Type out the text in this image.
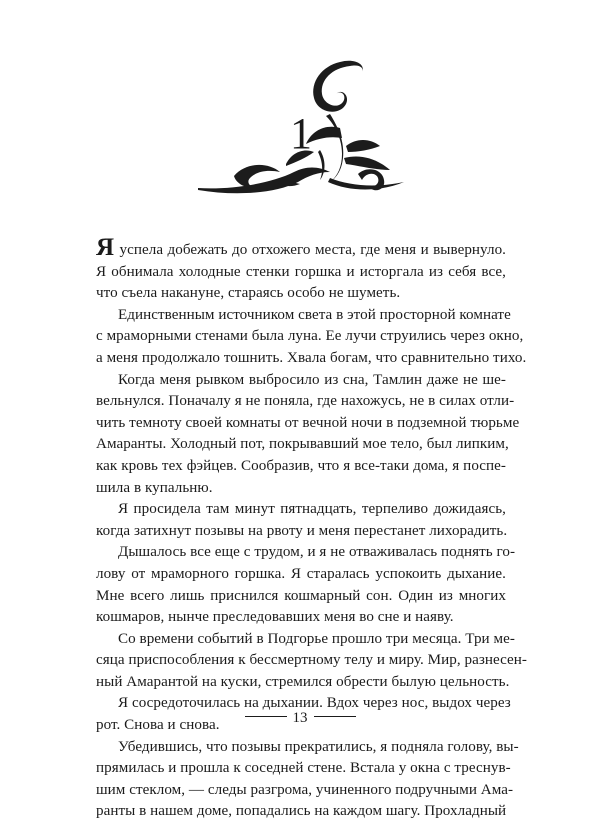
1
Я успела добежать до отхожего места, где меня и вывернуло.
Я обнимала холодные стенки горшка и исторгала из себя все,
что съела накануне, стараясь особо не шуметь.
Единственным источником света в этой просторной комнате
с мраморными стенами была луна. Ее лучи струились через окно,
а меня продолжало тошнить. Хвала богам, что сравнительно тихо.
Когда меня рывком выбросило из сна, Тамлин даже не ше-
вельнулся. Поначалу я не поняла, где нахожусь, не в силах отли-
чить темноту своей комнаты от вечной ночи в подземной тюрьме
Амаранты. Холодный пот, покрывавший мое тело, был липким,
как кровь тех фэйцев. Сообразив, что я все-таки дома, я поспе-
шила в купальню.
Я просидела там минут пятнадцать, терпеливо дожидаясь,
когда затихнут позывы на рвоту и меня перестанет лихорадить.
Дышалось все еще с трудом, и я не отваживалась поднять го-
лову от мраморного горшка. Я старалась успокоить дыхание.
Мне всего лишь приснился кошмарный сон. Один из многих
кошмаров, нынче преследовавших меня во сне и наяву.
Со времени событий в Подгорье прошло три месяца. Три ме-
сяца приспособления к бессмертному телу и миру. Мир, разнесен-
ный Амарантой на куски, стремился обрести былую цельность.
Я сосредоточилась на дыхании. Вдох через нос, выдох через
рот. Снова и снова.
Убедившись, что позывы прекратились, я подняла голову, вы-
прямилась и прошла к соседней стене. Встала у окна с треснув-
шим стеклом, — следы разгрома, учиненного подручными Ама-
ранты в нашем доме, попадались на каждом шагу. Прохладный
13
